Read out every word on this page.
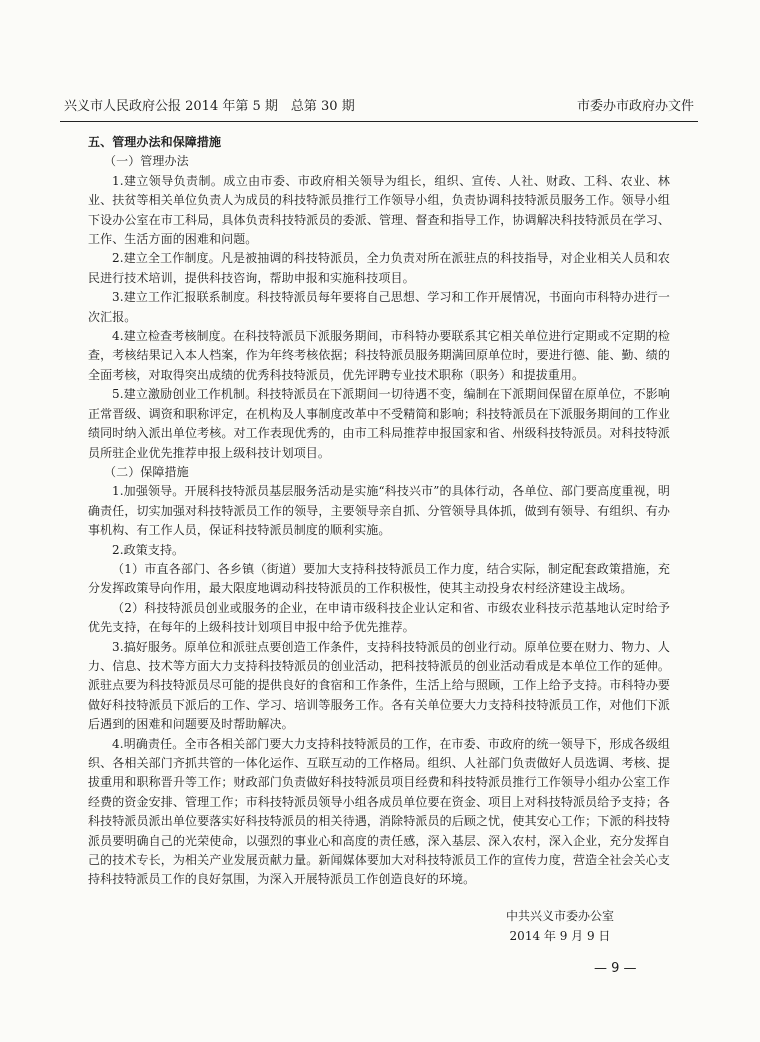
兴义市人民政府公报 2014 年第 5 期　总第 30 期	市委办市政府办文件

五、管理办法和保障措施

（一）管理办法

1.建立领导负责制。成立由市委、市政府相关领导为组长，组织、宣传、人社、财政、工科、农业、林业、扶贫等相关单位负责人为成员的科技特派员推行工作领导小组，负责协调科技特派员服务工作。领导小组下设办公室在市工科局，具体负责科技特派员的委派、管理、督查和指导工作，协调解决科技特派员在学习、工作、生活方面的困难和问题。

2.建立全工作制度。凡是被抽调的科技特派员，全力负责对所在派驻点的科技指导，对企业相关人员和农民进行技术培训，提供科技咨询，帮助申报和实施科技项目。

3.建立工作汇报联系制度。科技特派员每年要将自己思想、学习和工作开展情况，书面向市科特办进行一次汇报。

4.建立检查考核制度。在科技特派员下派服务期间，市科特办要联系其它相关单位进行定期或不定期的检查，考核结果记入本人档案，作为年终考核依据；科技特派员服务期满回原单位时，要进行德、能、勤、绩的全面考核，对取得突出成绩的优秀科技特派员，优先评聘专业技术职称（职务）和提拔重用。

5.建立激励创业工作机制。科技特派员在下派期间一切待遇不变，编制在下派期间保留在原单位，不影响正常晋级、调资和职称评定，在机构及人事制度改革中不受精简和影响；科技特派员在下派服务期间的工作业绩同时纳入派出单位考核。对工作表现优秀的，由市工科局推荐申报国家和省、州级科技特派员。对科技特派员所驻企业优先推荐申报上级科技计划项目。

（二）保障措施

1.加强领导。开展科技特派员基层服务活动是实施“科技兴市”的具体行动，各单位、部门要高度重视，明确责任，切实加强对科技特派员工作的领导，主要领导亲自抓、分管领导具体抓，做到有领导、有组织、有办事机构、有工作人员，保证科技特派员制度的顺利实施。

2.政策支持。

（1）市直各部门、各乡镇（街道）要加大支持科技特派员工作力度，结合实际，制定配套政策措施，充分发挥政策导向作用，最大限度地调动科技特派员的工作积极性，使其主动投身农村经济建设主战场。

（2）科技特派员创业或服务的企业，在申请市级科技企业认定和省、市级农业科技示范基地认定时给予优先支持，在每年的上级科技计划项目申报中给予优先推荐。

3.搞好服务。原单位和派驻点要创造工作条件，支持科技特派员的创业行动。原单位要在财力、物力、人力、信息、技术等方面大力支持科技特派员的创业活动，把科技特派员的创业活动看成是本单位工作的延伸。派驻点要为科技特派员尽可能的提供良好的食宿和工作条件，生活上给与照顾，工作上给予支持。市科特办要做好科技特派员下派后的工作、学习、培训等服务工作。各有关单位要大力支持科技特派员工作，对他们下派后遇到的困难和问题要及时帮助解决。

4.明确责任。全市各相关部门要大力支持科技特派员的工作，在市委、市政府的统一领导下，形成各级组织、各相关部门齐抓共管的一体化运作、互联互动的工作格局。组织、人社部门负责做好人员选调、考核、提拔重用和职称晋升等工作；财政部门负责做好科技特派员项目经费和科技特派员推行工作领导小组办公室工作经费的资金安排、管理工作；市科技特派员领导小组各成员单位要在资金、项目上对科技特派员给予支持；各科技特派员派出单位要落实好科技特派员的相关待遇，消除特派员的后顾之忧，使其安心工作；下派的科技特派员要明确自己的光荣使命，以强烈的事业心和高度的责任感，深入基层、深入农村，深入企业，充分发挥自己的技术专长，为相关产业发展贡献力量。新闻媒体要加大对科技特派员工作的宣传力度，营造全社会关心支持科技特派员工作的良好氛围，为深入开展特派员工作创造良好的环境。

中共兴义市委办公室
2014 年 9 月 9 日
— 9 —
